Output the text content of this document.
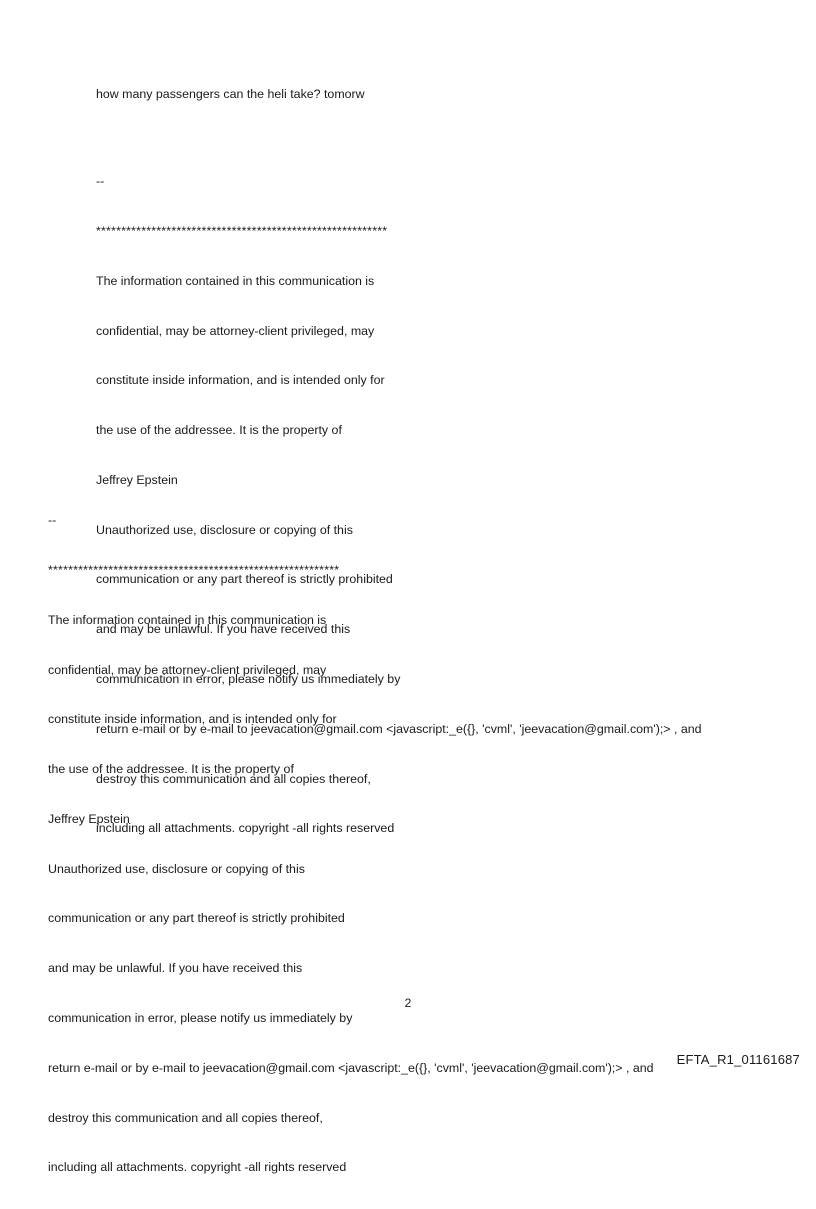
how many passengers can the heli take? tomorw

--

**********************************************************

The information contained in this communication is

confidential, may be attorney-client privileged, may

constitute inside information, and is intended only for

the use of the addressee. It is the property of

Jeffrey Epstein

Unauthorized use, disclosure or copying of this

communication or any part thereof is strictly prohibited

and may be unlawful. If you have received this

communication in error, please notify us immediately by

return e-mail or by e-mail to jeevacation@gmail.com <javascript:_e({}, 'cvml', 'jeevacation@gmail.com');> , and

destroy this communication and all copies thereof,

including all attachments. copyright -all rights reserved

--

**********************************************************

The information contained in this communication is

confidential, may be attorney-client privileged, may

constitute inside information, and is intended only for

the use of the addressee. It is the property of

Jeffrey Epstein

Unauthorized use, disclosure or copying of this

communication or any part thereof is strictly prohibited

and may be unlawful. If you have received this

communication in error, please notify us immediately by

return e-mail or by e-mail to jeevacation@gmail.com <javascript:_e({}, 'cvml', 'jeevacation@gmail.com');> , and

destroy this communication and all copies thereof,

including all attachments. copyright -all rights reserved

2
EFTA_R1_01161687
